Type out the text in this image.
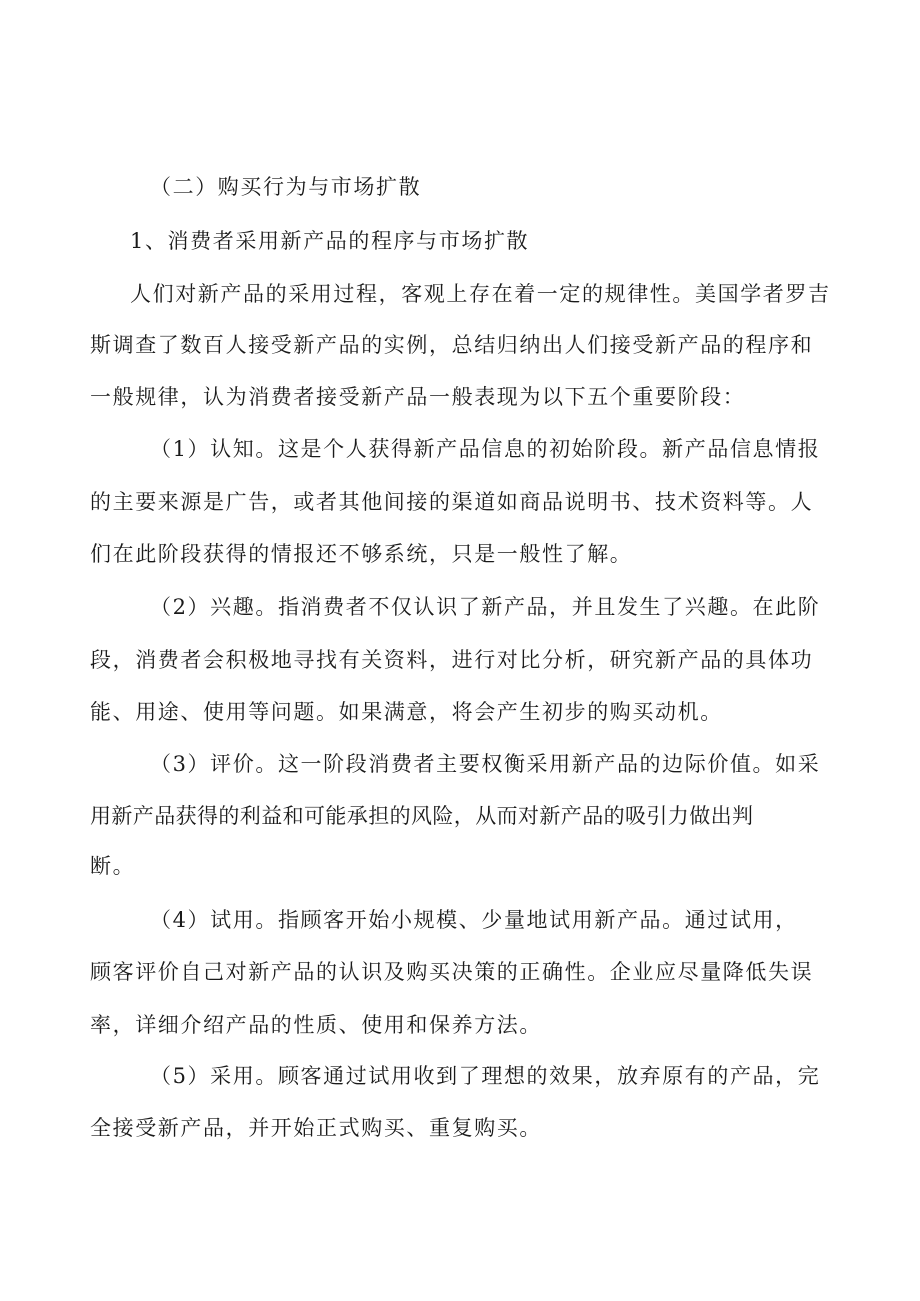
（二）购买行为与市场扩散
1、消费者采用新产品的程序与市场扩散
人们对新产品的采用过程，客观上存在着一定的规律性。美国学者罗吉
斯调查了数百人接受新产品的实例，总结归纳出人们接受新产品的程序和
一般规律，认为消费者接受新产品一般表现为以下五个重要阶段：
（1）认知。这是个人获得新产品信息的初始阶段。新产品信息情报
的主要来源是广告，或者其他间接的渠道如商品说明书、技术资料等。人
们在此阶段获得的情报还不够系统，只是一般性了解。
（2）兴趣。指消费者不仅认识了新产品，并且发生了兴趣。在此阶
段，消费者会积极地寻找有关资料，进行对比分析，研究新产品的具体功
能、用途、使用等问题。如果满意，将会产生初步的购买动机。
（3）评价。这一阶段消费者主要权衡采用新产品的边际价值。如采
用新产品获得的利益和可能承担的风险，从而对新产品的吸引力做出判
断。
（4）试用。指顾客开始小规模、少量地试用新产品。通过试用，
顾客评价自己对新产品的认识及购买决策的正确性。企业应尽量降低失误
率，详细介绍产品的性质、使用和保养方法。
（5）采用。顾客通过试用收到了理想的效果，放弃原有的产品，完
全接受新产品，并开始正式购买、重复购买。
